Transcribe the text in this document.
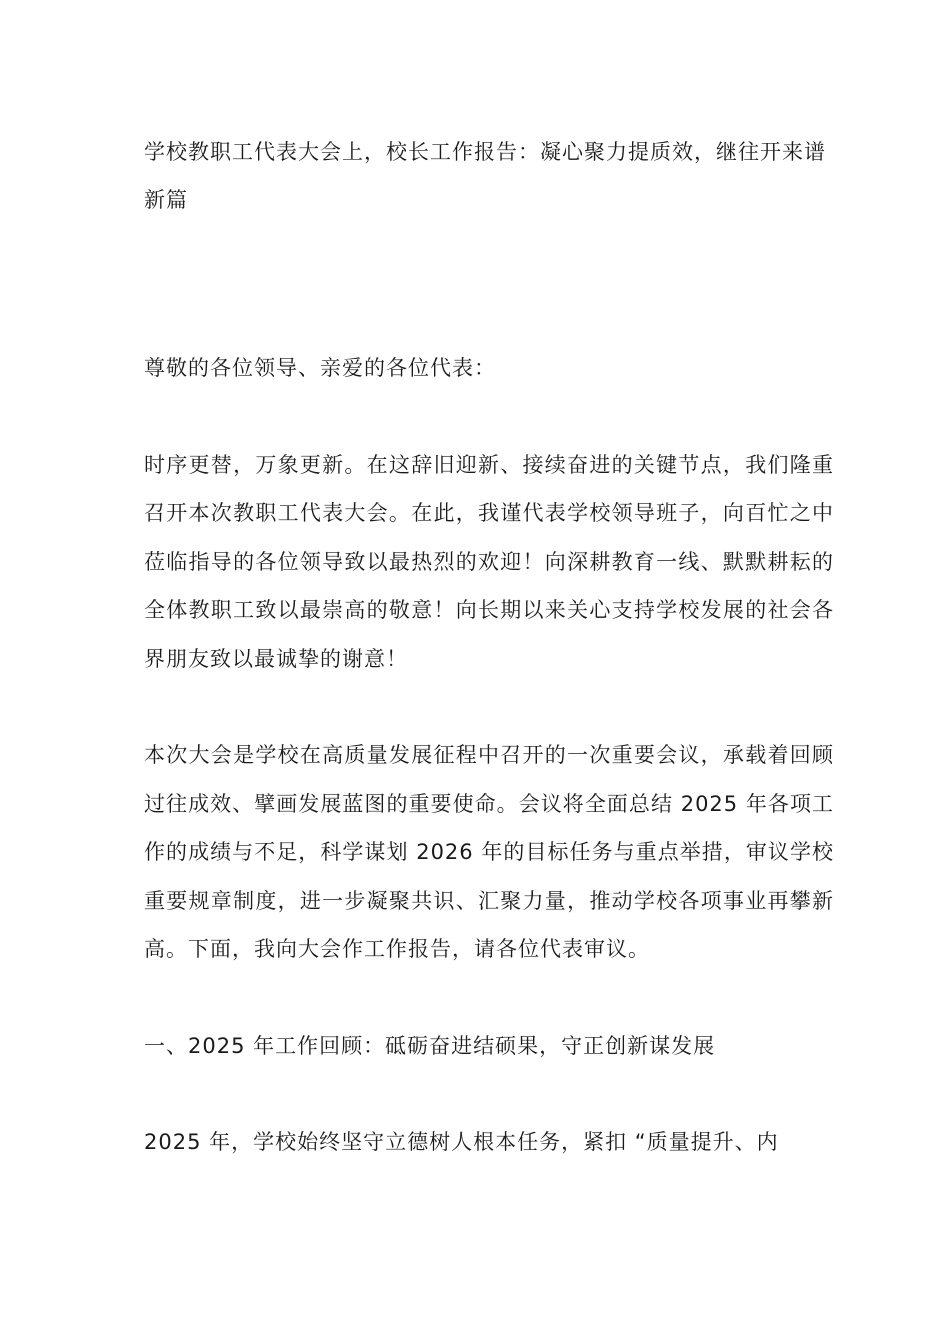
学校教职工代表大会上，校长工作报告：凝心聚力提质效，继往开来谱新篇

尊敬的各位领导、亲爱的各位代表：

时序更替，万象更新。在这辞旧迎新、接续奋进的关键节点，我们隆重召开本次教职工代表大会。在此，我谨代表学校领导班子，向百忙之中莅临指导的各位领导致以最热烈的欢迎！向深耕教育一线、默默耕耘的全体教职工致以最崇高的敬意！向长期以来关心支持学校发展的社会各界朋友致以最诚挚的谢意！

本次大会是学校在高质量发展征程中召开的一次重要会议，承载着回顾过往成效、擘画发展蓝图的重要使命。会议将全面总结 2025 年各项工作的成绩与不足，科学谋划 2026 年的目标任务与重点举措，审议学校重要规章制度，进一步凝聚共识、汇聚力量，推动学校各项事业再攀新高。下面，我向大会作工作报告，请各位代表审议。

一、2025 年工作回顾：砥砺奋进结硕果，守正创新谋发展

2025 年，学校始终坚守立德树人根本任务，紧扣 “质量提升、内
